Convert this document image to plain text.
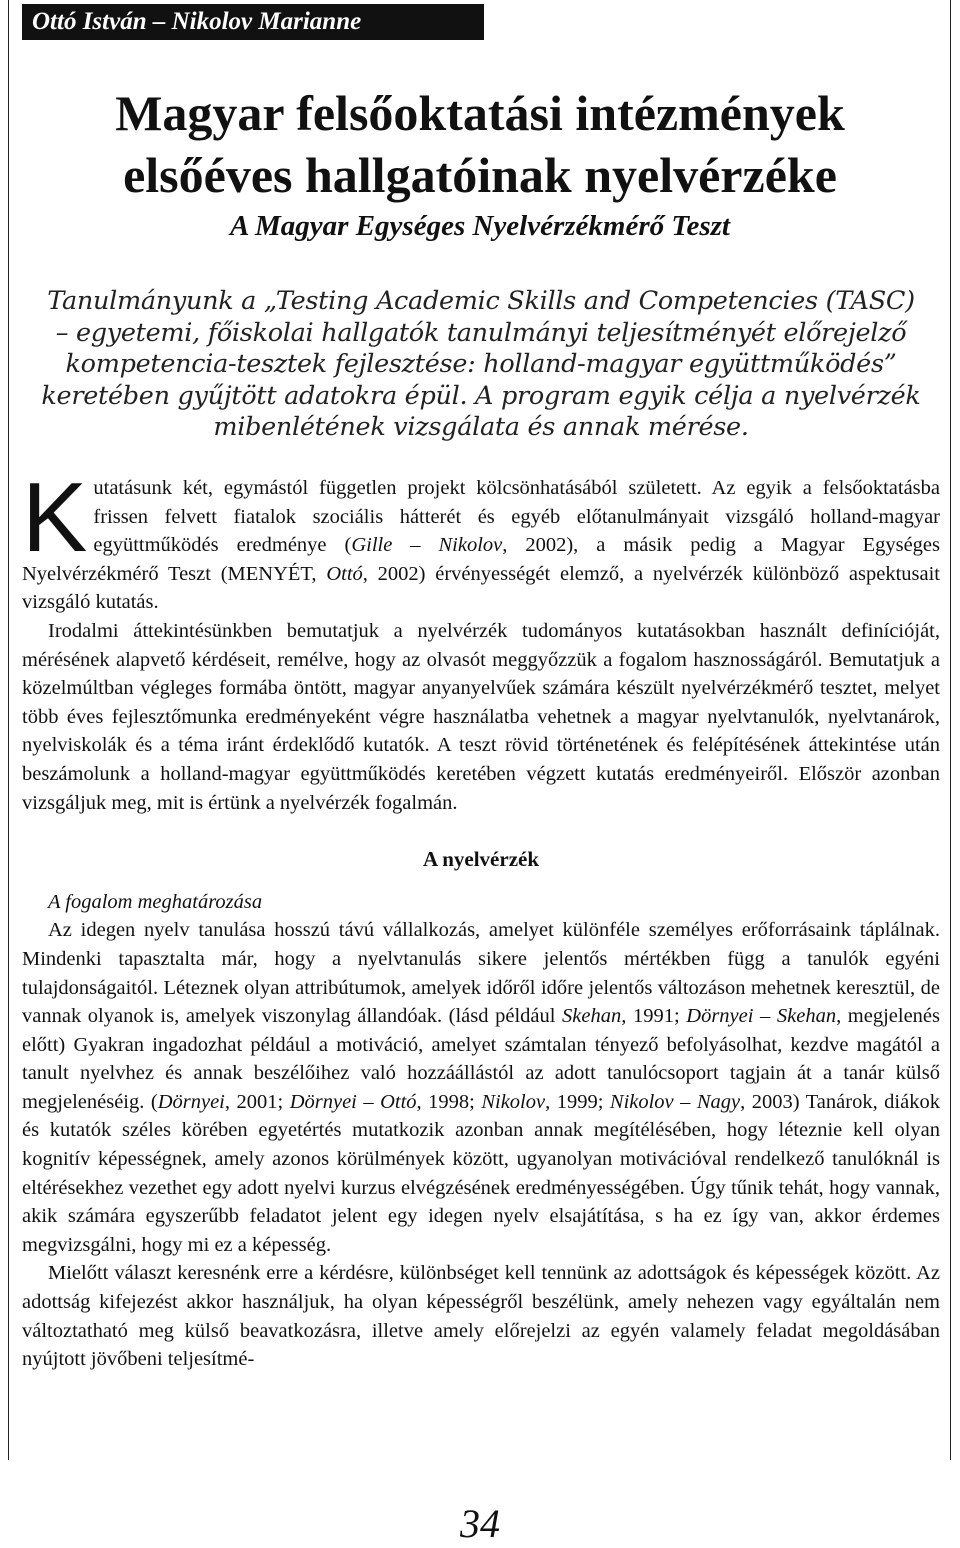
Ottó István – Nikolov Marianne
Magyar felsőoktatási intézmények
elsőéves hallgatóinak nyelvérzéke
A Magyar Egységes Nyelvérzékmérő Teszt

Tanulmányunk a „Testing Academic Skills and Competencies (TASC)
– egyetemi, főiskolai hallgatók tanulmányi teljesítményét előrejelző
kompetencia-tesztek fejlesztése: holland-magyar együttműködés”
keretében gyűjtött adatokra épül. A program egyik célja a nyelvérzék
mibenlétének vizsgálata és annak mérése.

Kutatásunk két, egymástól független projekt kölcsönhatásából született. Az egyik a felsőoktatásba frissen felvett fiatalok szociális hátterét és egyéb előtanulmányait vizsgáló holland-magyar együttműködés eredménye (Gille – Nikolov, 2002), a másik pedig a Magyar Egységes Nyelvérzékmérő Teszt (MENYÉT, Ottó, 2002) érvényességét elemző, a nyelvérzék különböző aspektusait vizsgáló kutatás.

Irodalmi áttekintésünkben bemutatjuk a nyelvérzék tudományos kutatásokban használt definícióját, mérésének alapvető kérdéseit, remélve, hogy az olvasót meggyőzzük a fogalom hasznosságáról. Bemutatjuk a közelmúltban végleges formába öntött, magyar anyanyelvűek számára készült nyelvérzékmérő tesztet, melyet több éves fejlesztőmunka eredményeként végre használatba vehetnek a magyar nyelvtanulók, nyelvtanárok, nyelviskolák és a téma iránt érdeklődő kutatók. A teszt rövid történetének és felépítésének áttekintése után beszámolunk a holland-magyar együttműködés keretében végzett kutatás eredményeiről. Először azonban vizsgáljuk meg, mit is értünk a nyelvérzék fogalmán.

A nyelvérzék

A fogalom meghatározása

Az idegen nyelv tanulása hosszú távú vállalkozás, amelyet különféle személyes erőforrásaink táplálnak. Mindenki tapasztalta már, hogy a nyelvtanulás sikere jelentős mértékben függ a tanulók egyéni tulajdonságaitól. Léteznek olyan attribútumok, amelyek időről időre jelentős változáson mehetnek keresztül, de vannak olyanok is, amelyek viszonylag állandóak. (lásd például Skehan, 1991; Dörnyei – Skehan, megjelenés előtt) Gyakran ingadozhat például a motiváció, amelyet számtalan tényező befolyásolhat, kezdve magától a tanult nyelvhez és annak beszélőihez való hozzáállástól az adott tanulócsoport tagjain át a tanár külső megjelenéséig. (Dörnyei, 2001; Dörnyei – Ottó, 1998; Nikolov, 1999; Nikolov – Nagy, 2003) Tanárok, diákok és kutatók széles körében egyetértés mutatkozik azonban annak megítélésében, hogy léteznie kell olyan kognitív képességnek, amely azonos körülmények között, ugyanolyan motivációval rendelkező tanulóknál is eltérésekhez vezethet egy adott nyelvi kurzus elvégzésének eredményességében. Úgy tűnik tehát, hogy vannak, akik számára egyszerűbb feladatot jelent egy idegen nyelv elsajátítása, s ha ez így van, akkor érdemes megvizsgálni, hogy mi ez a képesség.

Mielőtt választ keresnénk erre a kérdésre, különbséget kell tennünk az adottságok és képességek között. Az adottság kifejezést akkor használjuk, ha olyan képességről beszélünk, amely nehezen vagy egyáltalán nem változtatható meg külső beavatkozásra, illetve amely előrejelzi az egyén valamely feladat megoldásában nyújtott jövőbeni teljesítmé-

34
